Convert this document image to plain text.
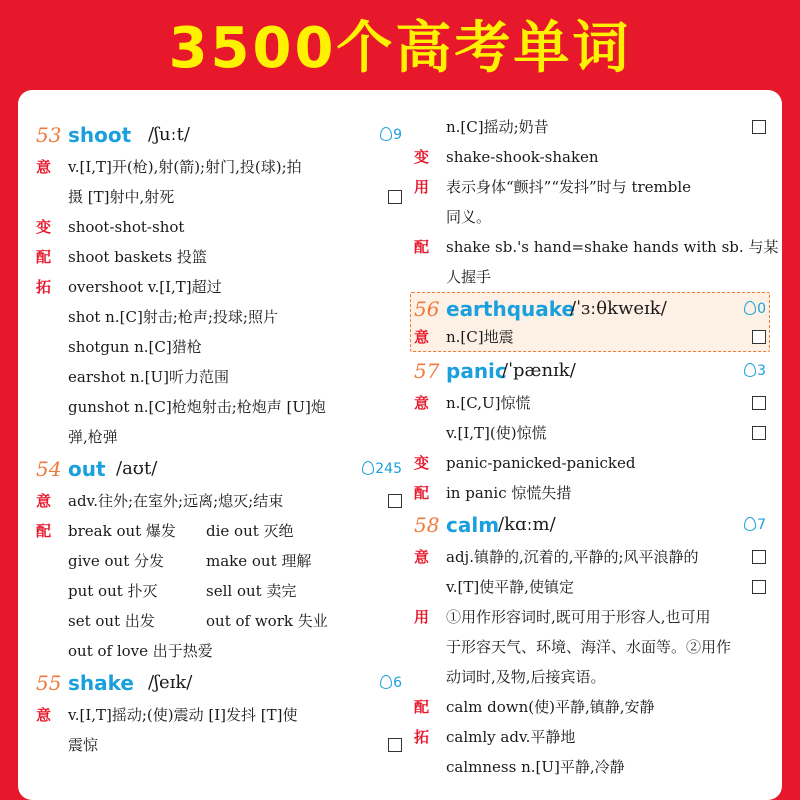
3500个高考单词
53 shoot /ʃuːt/	9
意 v.[I,T]开(枪),射(箭);射门,投(球);拍
摄 [T]射中,射死
变 shoot-shot-shot
配 shoot baskets 投篮
拓 overshoot v.[I,T]超过
shot n.[C]射击;枪声;投球;照片
shotgun n.[C]猎枪
earshot n.[U]听力范围
gunshot n.[C]枪炮射击;枪炮声 [U]炮
弹,枪弹
54 out /aʊt/	245
意 adv.往外;在室外;远离;熄灭;结束
配 break out 爆发 die out 灭绝
give out 分发	make out 理解
put out 扑灭	sell out 卖完
set out 出发	out of work 失业
out of love 出于热爱
55 shake /ʃeɪk/	6
意 v.[I,T]摇动;(使)震动 [I]发抖 [T]使
震惊
n.[C]摇动;奶昔
变 shake-shook-shaken
用 表示身体“颤抖”“发抖”时与 tremble
同义。
配 shake sb.'s hand=shake hands with sb. 与某
人握手
56 earthquake
/ˈɜːθkweɪk/	0
意 n.[C]地震
57 panic
/ˈpænɪk/	3
意 n.[C,U]惊慌
v.[I,T](使)惊慌
变 panic-panicked-panicked
配 in panic 惊慌失措
58 calm
/kɑːm/	7
意 adj.镇静的,沉着的,平静的;风平浪静的
v.[T]使平静,使镇定
用 ①用作形容词时,既可用于形容人,也可用
于形容天气、环境、海洋、水面等。②用作
动词时,及物,后接宾语。
配 calm down(使)平静,镇静,安静
拓 calmly adv.平静地
calmness n.[U]平静,冷静
